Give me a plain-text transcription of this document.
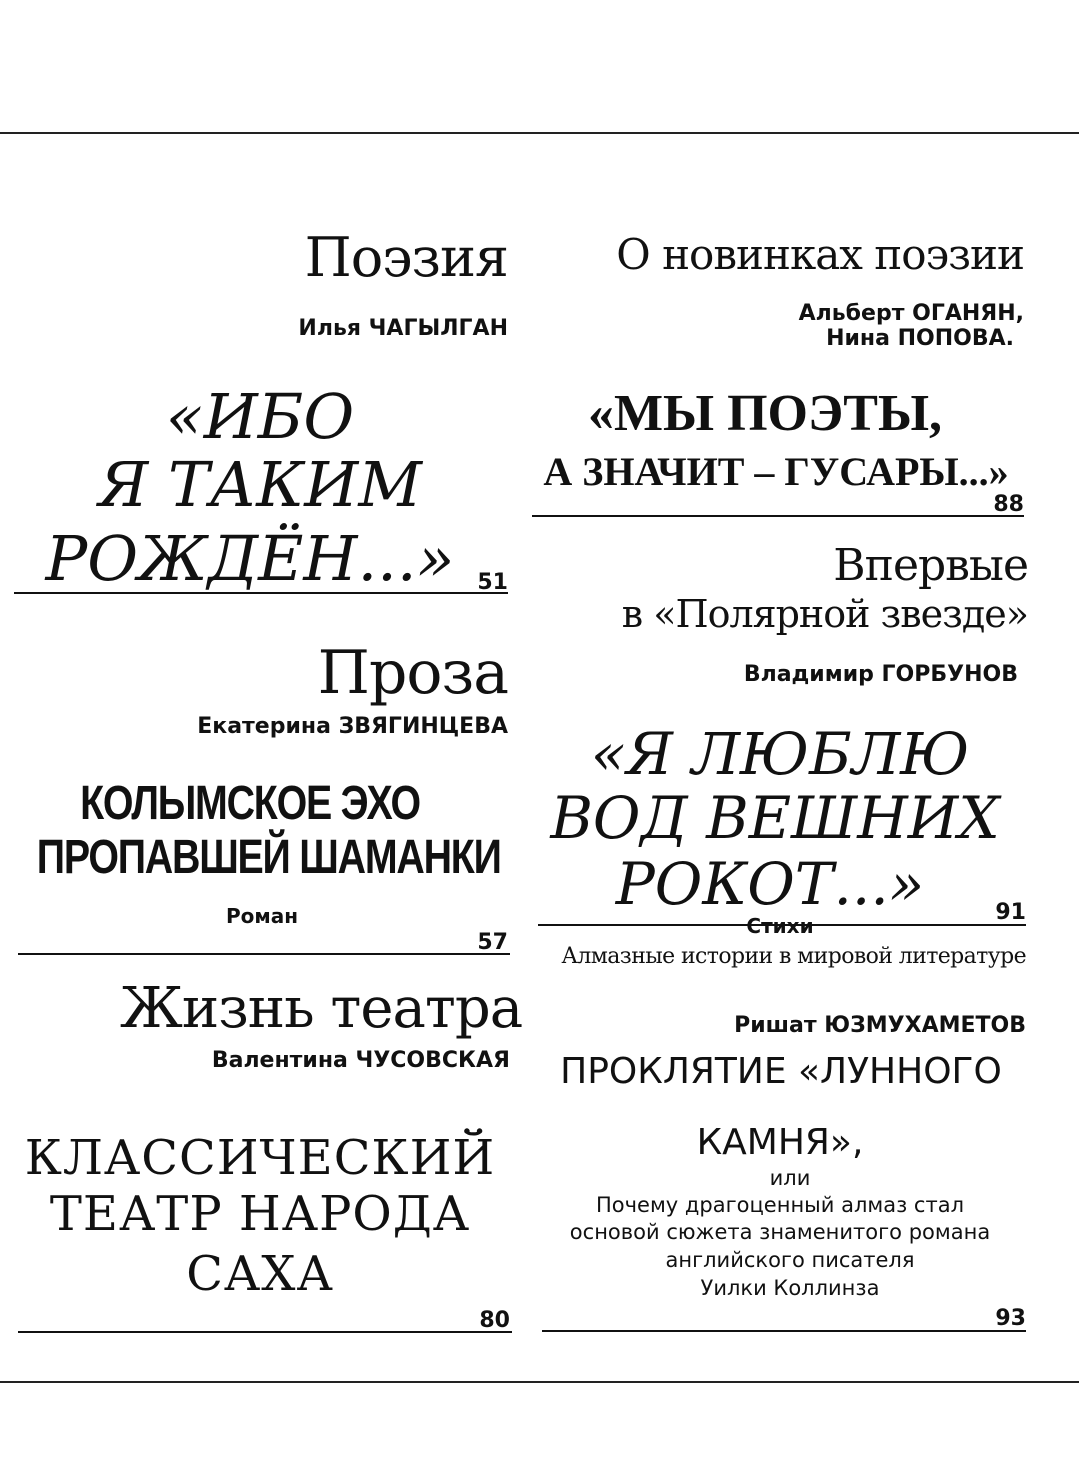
Поэзия
Илья ЧАГЫЛГАН
«ИБО
Я ТАКИМ
РОЖДЁН...»	51
Проза
Екатерина ЗВЯГИНЦЕВА
КОЛЫМСКОЕ ЭХО
ПРОПАВШЕЙ ШАМАНКИ
Роман
57
Жизнь театра
Валентина ЧУСОВСКАЯ
КЛАССИЧЕСКИЙ
ТЕАТР НАРОДА
САХА
80
О новинках поэзии
Альберт ОГАНЯН,
Нина ПОПОВА.
«МЫ ПОЭТЫ,
А ЗНАЧИТ – ГУСАРЫ...»
88
Впервые
в «Полярной звезде»
Владимир ГОРБУНОВ
«Я ЛЮБЛЮ
ВОД ВЕШНИХ
РОКОТ...»
Стихи
91
Алмазные истории в мировой литературе
Ришат ЮЗМУХАМЕТОВ
ПРОКЛЯТИЕ «ЛУННОГО
КАМНЯ»,
или
Почему драгоценный алмаз стал
основой сюжета знаменитого романа
английского писателя
Уилки Коллинза
93
